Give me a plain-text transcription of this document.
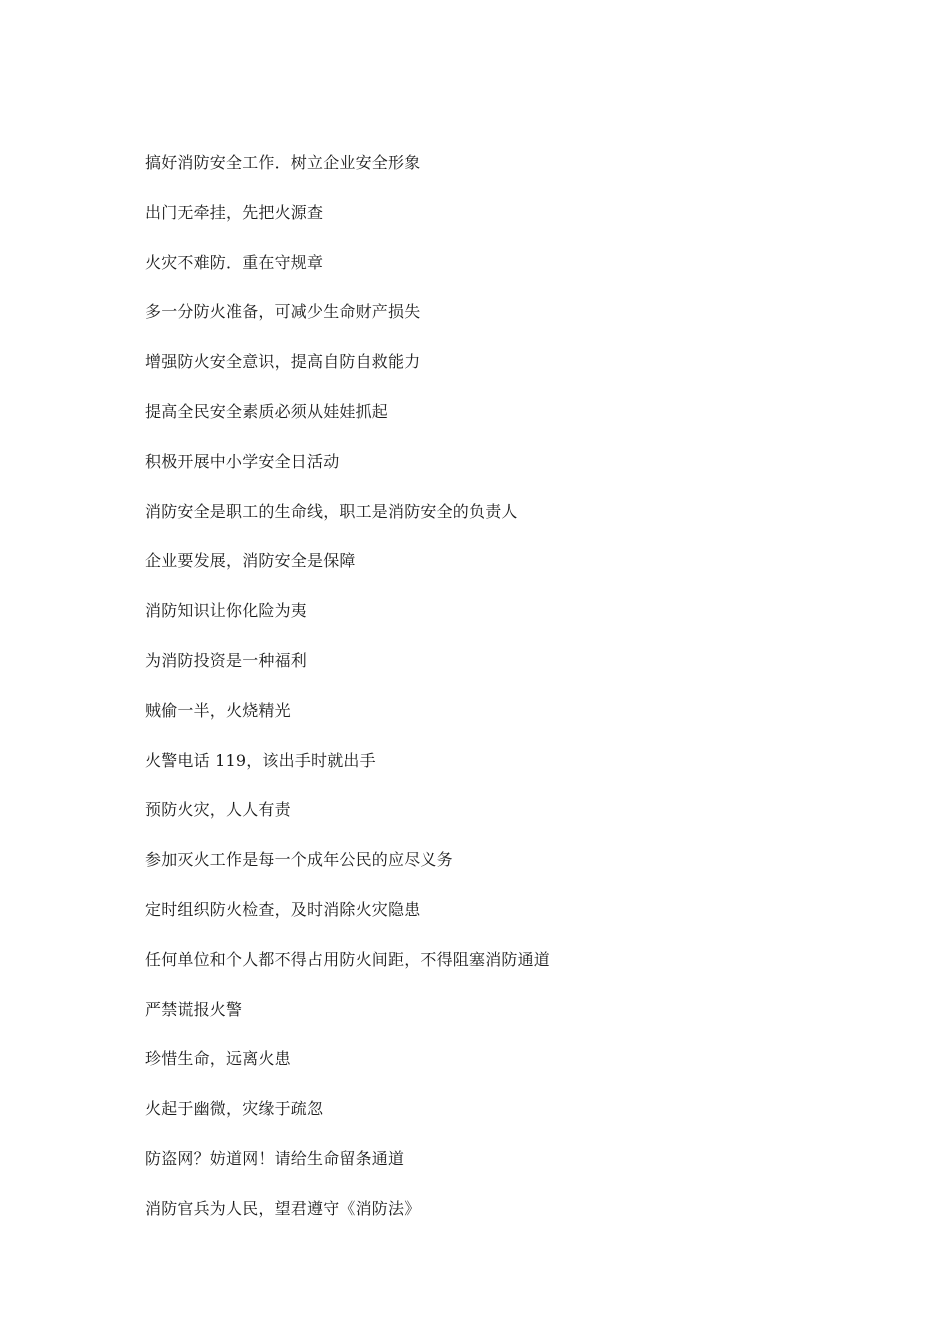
搞好消防安全工作．树立企业安全形象
出门无牵挂，先把火源查
火灾不难防．重在守规章
多一分防火准备，可减少生命财产损失
增强防火安全意识，提高自防自救能力
提高全民安全素质必须从娃娃抓起
积极开展中小学安全日活动
消防安全是职工的生命线，职工是消防安全的负责人
企业要发展，消防安全是保障
消防知识让你化险为夷
为消防投资是一种福利
贼偷一半，火烧精光
火警电话 119，该出手时就出手
预防火灾，人人有责
参加灭火工作是每一个成年公民的应尽义务
定时组织防火检查，及时消除火灾隐患
任何单位和个人都不得占用防火间距，不得阻塞消防通道
严禁谎报火警
珍惜生命，远离火患
火起于幽微，灾缘于疏忽
防盗网？妨道网！请给生命留条通道
消防官兵为人民，望君遵守《消防法》
